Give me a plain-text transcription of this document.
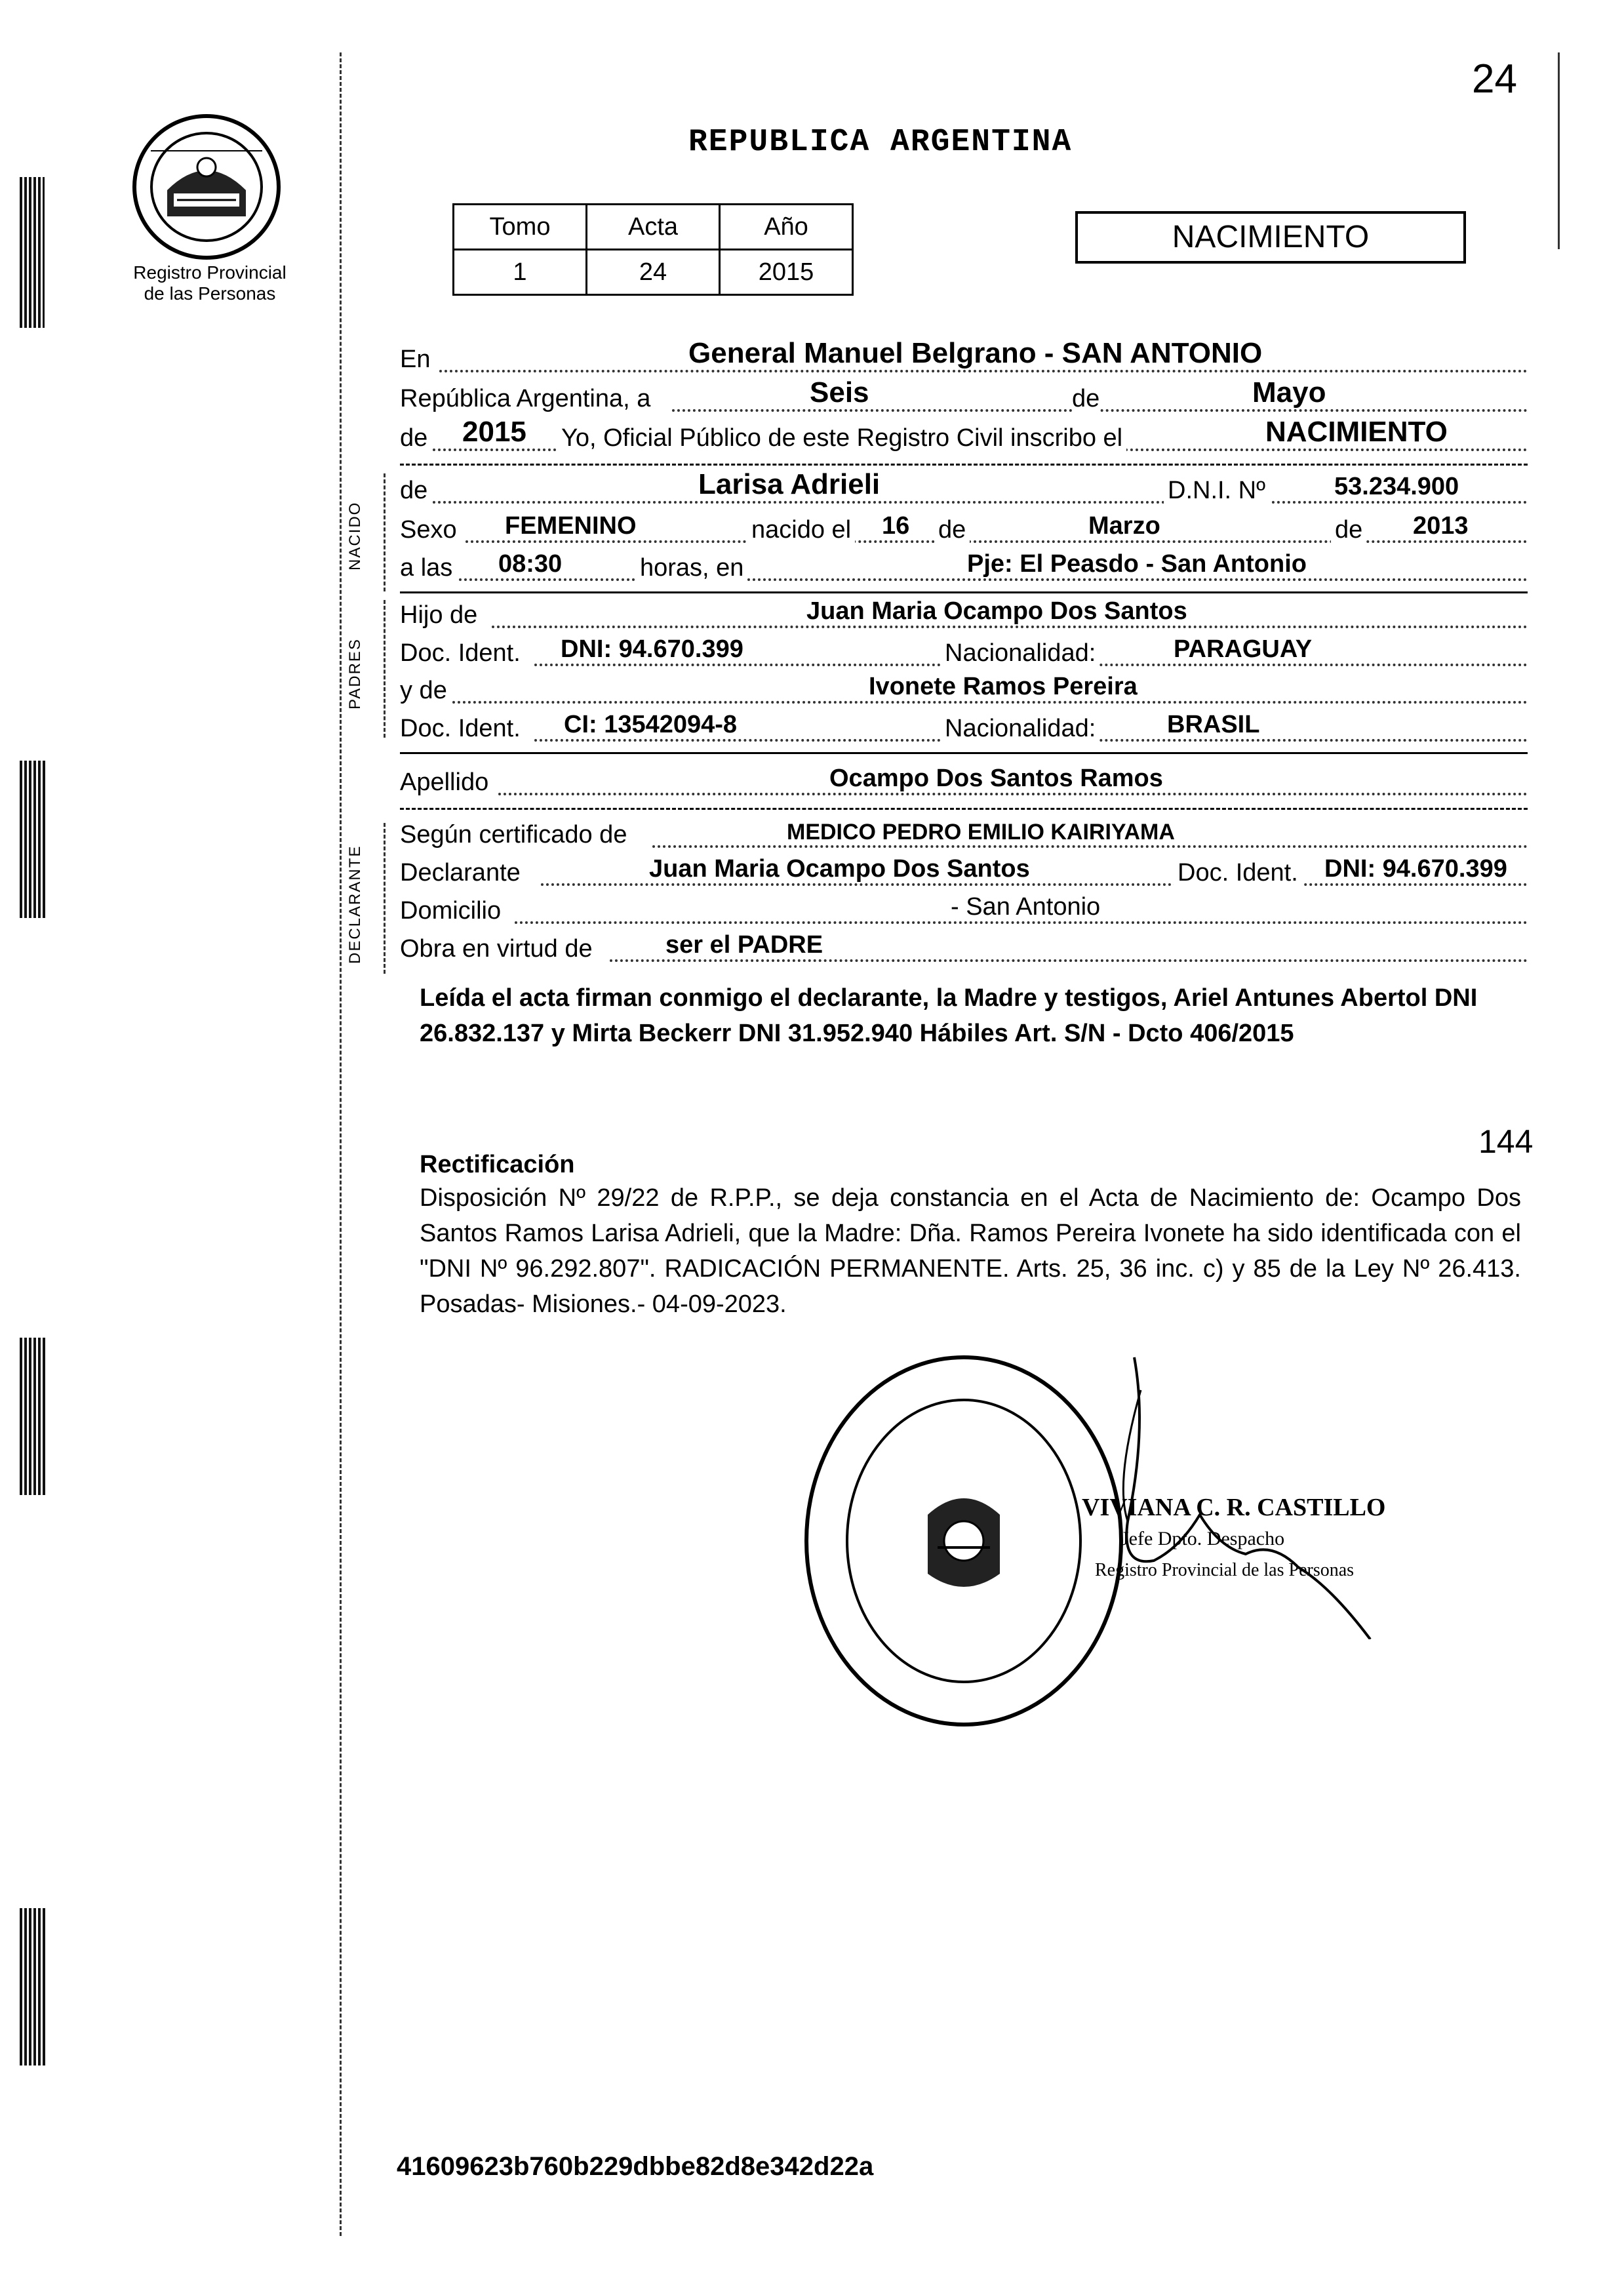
Registro Provincial
de las Personas
24
REPUBLICA ARGENTINA
Tomo	Acta	Año
1	24	2015
NACIMIENTO
En	General Manuel Belgrano - SAN ANTONIO
República Argentina, a	Seis	de	Mayo
de 2015 Yo, Oficial Público de este Registro Civil inscribo el	NACIMIENTO
NACIDO
de	Larisa Adrieli	D.N.I. Nº	53.234.900
Sexo FEMENINO	nacido el 16 de	Marzo	de 2013
a las 08:30	horas, en	Pje: El Peasdo - San Antonio
PADRES
Hijo de	Juan Maria Ocampo Dos Santos
Doc. Ident. DNI: 94.670.399	Nacionalidad:	PARAGUAY
y de	Ivonete Ramos Pereira
Doc. Ident. CI: 13542094-8	Nacionalidad:	BRASIL
Apellido	Ocampo Dos Santos Ramos
DECLARANTE
Según certificado de	MEDICO PEDRO EMILIO KAIRIYAMA
Declarante	Juan Maria Ocampo Dos Santos	Doc. Ident. DNI: 94.670.399
Domicilio	- San Antonio
Obra en virtud de	ser el PADRE
Leída el acta firman conmigo el declarante, la Madre y testigos, Ariel Antunes Abertol DNI 26.832.137 y Mirta Beckerr DNI 31.952.940 Hábiles Art. S/N - Dcto 406/2015
144
Rectificación
Disposición Nº 29/22 de R.P.P., se deja constancia en el Acta de Nacimiento de: Ocampo Dos Santos Ramos Larisa Adrieli, que la Madre: Dña. Ramos Pereira Ivonete ha sido identificada con el "DNI Nº 96.292.807". RADICACIÓN PERMANENTE. Arts. 25, 36 inc. c) y 85 de la Ley Nº 26.413. Posadas- Misiones.- 04-09-2023.
VIVIANA C. R. CASTILLO
Jefe Dpto. Despacho
Registro Provincial de las Personas
41609623b760b229dbbe82d8e342d22a
